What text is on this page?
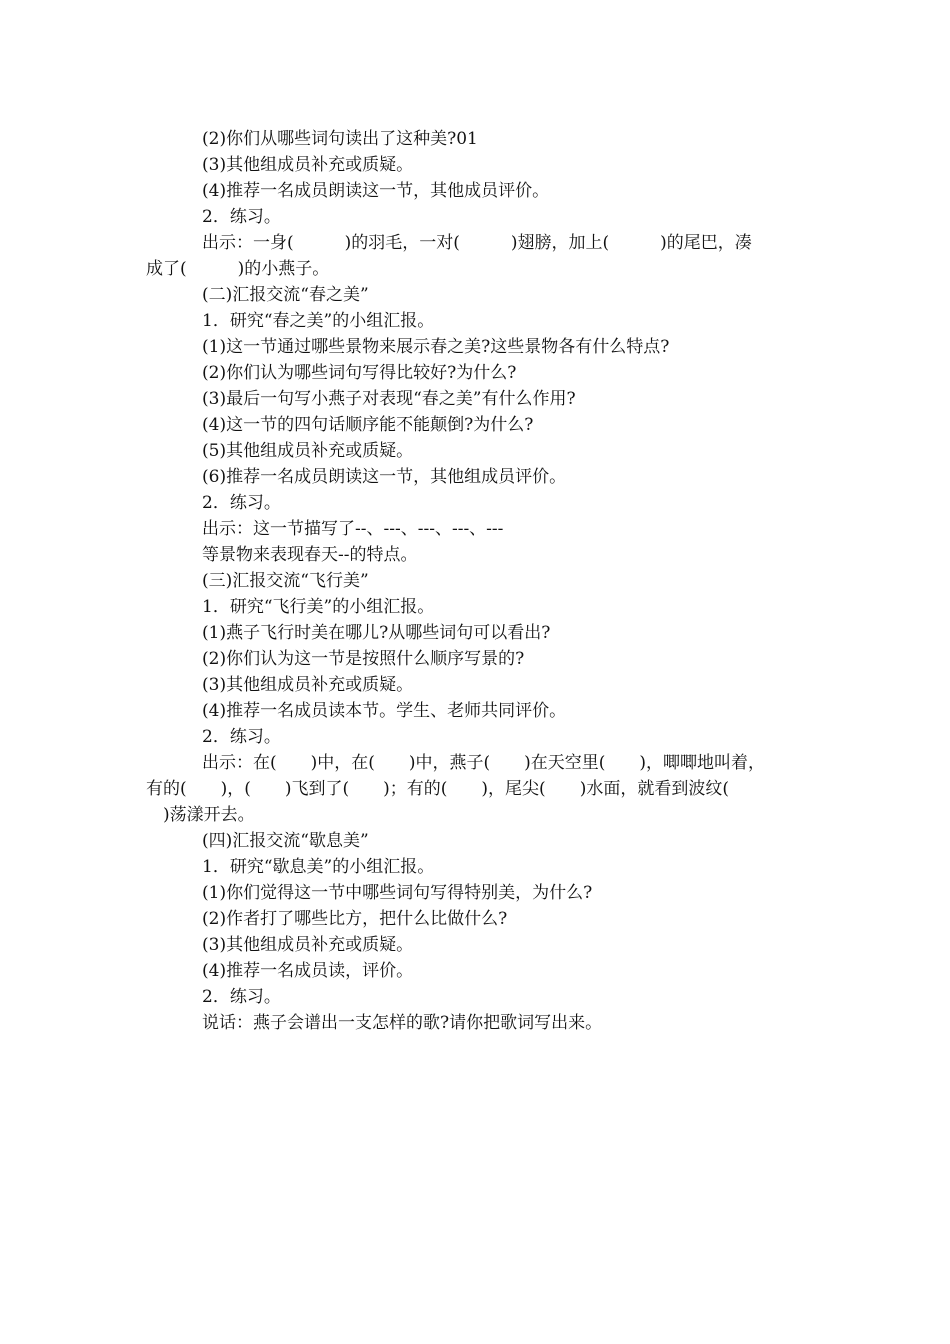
(2)你们从哪些词句读出了这种美?01
(3)其他组成员补充或质疑。
(4)推荐一名成员朗读这一节，其他成员评价。
2．练习。
出示：一身(　　　)的羽毛，一对(　　　)翅膀，加上(　　　)的尾巴，凑
成了(　　　)的小燕子。
(二)汇报交流“春之美”
1．研究“春之美”的小组汇报。
(1)这一节通过哪些景物来展示春之美?这些景物各有什么特点?
(2)你们认为哪些词句写得比较好?为什么?
(3)最后一句写小燕子对表现“春之美”有什么作用?
(4)这一节的四句话顺序能不能颠倒?为什么?
(5)其他组成员补充或质疑。
(6)推荐一名成员朗读这一节，其他组成员评价。
2．练习。
出示：这一节描写了--、---、---、---、---
等景物来表现春天--的特点。
(三)汇报交流“飞行美”
1．研究“飞行美”的小组汇报。
(1)燕子飞行时美在哪儿?从哪些词句可以看出?
(2)你们认为这一节是按照什么顺序写景的?
(3)其他组成员补充或质疑。
(4)推荐一名成员读本节。学生、老师共同评价。
2．练习。
出示：在(　　)中，在(　　)中，燕子(　　)在天空里(　　)，唧唧地叫着，
有的(　　)，(　　)飞到了(　　)；有的(　　)，尾尖(　　)水面，就看到波纹(
　)荡漾开去。
(四)汇报交流“歇息美”
1．研究“歇息美”的小组汇报。
(1)你们觉得这一节中哪些词句写得特别美，为什么?
(2)作者打了哪些比方，把什么比做什么?
(3)其他组成员补充或质疑。
(4)推荐一名成员读，评价。
2．练习。
说话：燕子会谱出一支怎样的歌?请你把歌词写出来。
